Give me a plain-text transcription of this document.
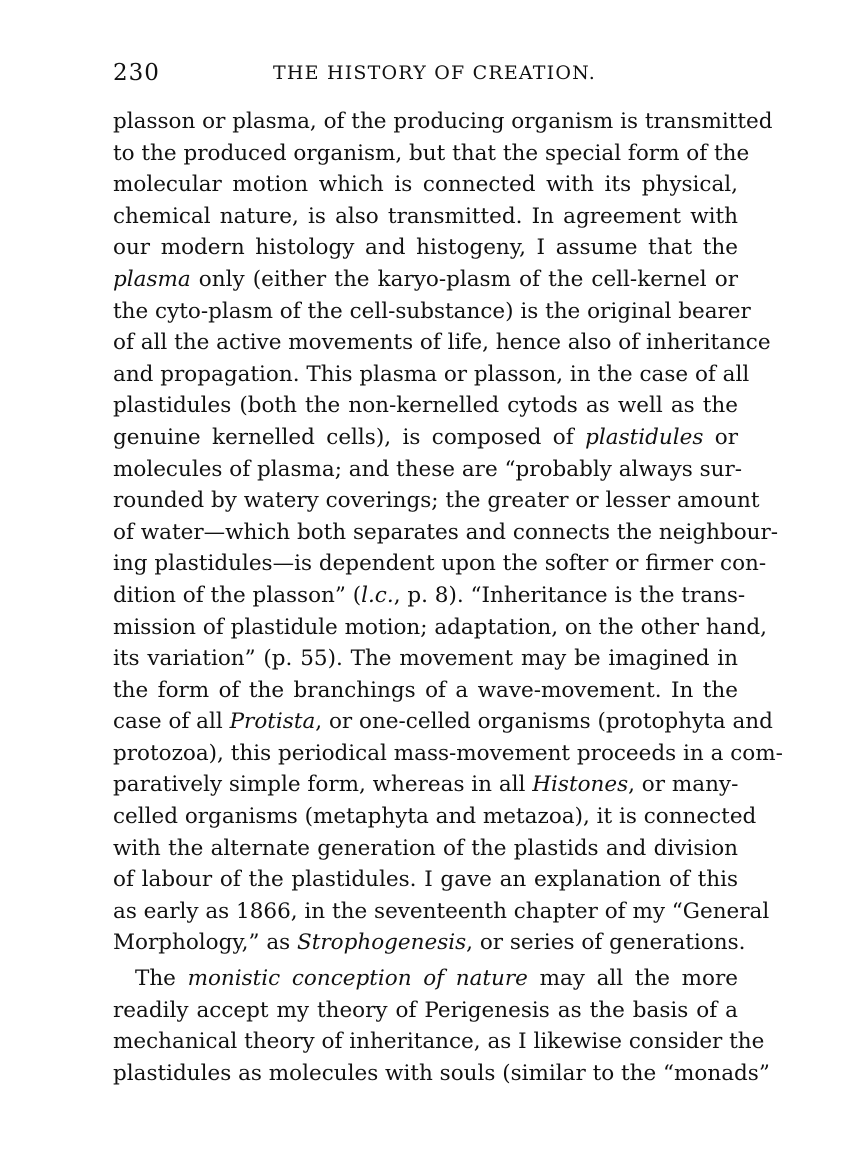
230	THE HISTORY OF CREATION.
plasson or plasma, of the producing organism is transmitted
to the produced organism, but that the special form of the
molecular motion which is connected with its physical,
chemical nature, is also transmitted. In agreement with
our modern histology and histogeny, I assume that the
plasma only (either the karyo-plasm of the cell-kernel or
the cyto-plasm of the cell-substance) is the original bearer
of all the active movements of life, hence also of inheritance
and propagation. This plasma or plasson, in the case of all
plastidules (both the non-kernelled cytods as well as the
genuine kernelled cells), is composed of plastidules or
molecules of plasma; and these are “probably always sur-
rounded by watery coverings; the greater or lesser amount
of water—which both separates and connects the neighbour-
ing plastidules—is dependent upon the softer or firmer con-
dition of the plasson” (l.c., p. 8). “Inheritance is the trans-
mission of plastidule motion; adaptation, on the other hand,
its variation” (p. 55). The movement may be imagined in
the form of the branchings of a wave-movement. In the
case of all Protista, or one-celled organisms (protophyta and
protozoa), this periodical mass-movement proceeds in a com-
paratively simple form, whereas in all Histones, or many-
celled organisms (metaphyta and metazoa), it is connected
with the alternate generation of the plastids and division
of labour of the plastidules. I gave an explanation of this
as early as 1866, in the seventeenth chapter of my “General
Morphology,” as Strophogenesis, or series of generations.
The monistic conception of nature may all the more
readily accept my theory of Perigenesis as the basis of a
mechanical theory of inheritance, as I likewise consider the
plastidules as molecules with souls (similar to the “monads”
